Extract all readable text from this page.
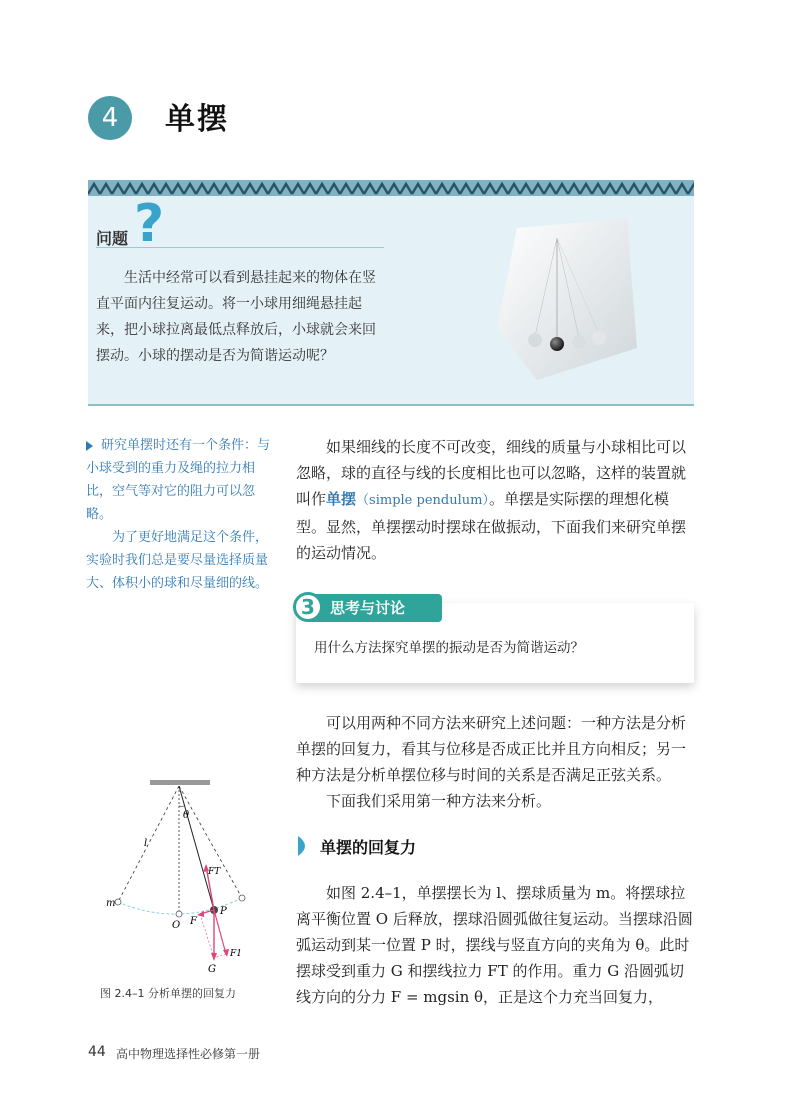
4	单摆
问题 ?
生活中经常可以看到悬挂起来的物体在竖直平面内往复运动。将一小球用细绳悬挂起来，把小球拉离最低点释放后，小球就会来回摆动。小球的摆动是否为简谐运动呢？

研究单摆时还有一个条件：与小球受到的重力及绳的拉力相比，空气等对它的阻力可以忽略。

为了更好地满足这个条件，实验时我们总是要尽量选择质量大、体积小的球和尽量细的线。

如果细线的长度不可改变，细线的质量与小球相比可以忽略，球的直径与线的长度相比也可以忽略，这样的装置就叫作单摆（simple pendulum）。单摆是实际摆的理想化模型。显然，单摆摆动时摆球在做振动，下面我们来研究单摆的运动情况。

3	思考与讨论
用什么方法探究单摆的振动是否为简谐运动？

可以用两种不同方法来研究上述问题：一种方法是分析单摆的回复力，看其与位移是否成正比并且方向相反；另一种方法是分析单摆位移与时间的关系是否满足正弦关系。

下面我们采用第一种方法来分析。

单摆的回复力

如图 2.4–1，单摆摆长为 l、摆球质量为 m。将摆球拉离平衡位置 O 后释放，摆球沿圆弧做往复运动。当摆球沿圆弧运动到某一位置 P 时，摆线与竖直方向的夹角为 θ。此时摆球受到重力 G 和摆线拉力 FT 的作用。重力 G 沿圆弧切线方向的分力 F = mgsin θ，正是这个力充当回复力，

θ
l
FT
m
O F
P
F1
G
图 2.4–1 分析单摆的回复力
44 高中物理选择性必修第一册
